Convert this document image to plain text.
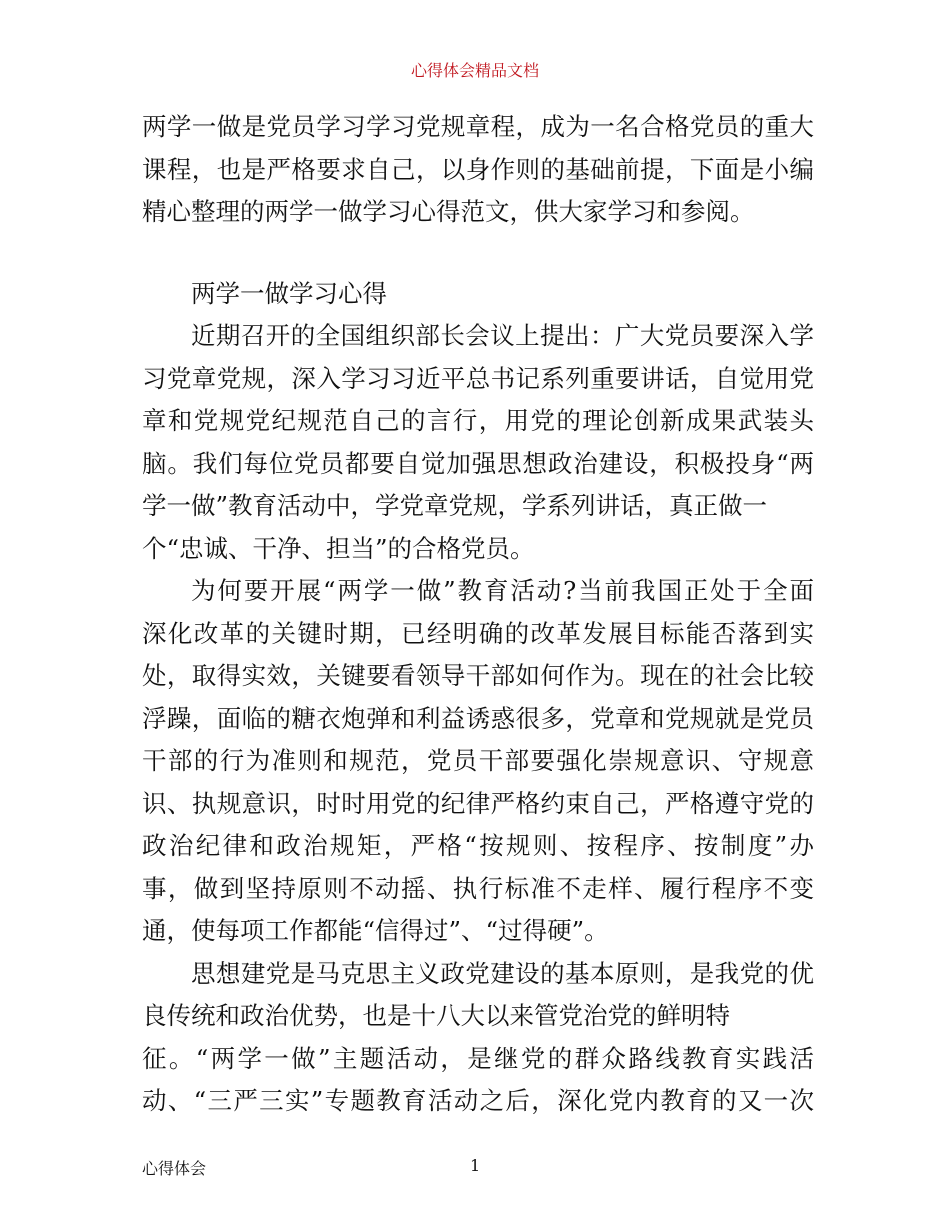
心得体会精品文档
两学一做是党员学习学习党规章程，成为一名合格党员的重大
课程，也是严格要求自己，以身作则的基础前提，下面是小编
精心整理的两学一做学习心得范文，供大家学习和参阅。
两学一做学习心得
近期召开的全国组织部长会议上提出：广大党员要深入学
习党章党规，深入学习习近平总书记系列重要讲话，自觉用党
章和党规党纪规范自己的言行，用党的理论创新成果武装头
脑。我们每位党员都要自觉加强思想政治建设，积极投身“两
学一做”教育活动中，学党章党规，学系列讲话，真正做一
个“忠诚、干净、担当”的合格党员。
为何要开展“两学一做”教育活动?当前我国正处于全面
深化改革的关键时期，已经明确的改革发展目标能否落到实
处，取得实效，关键要看领导干部如何作为。现在的社会比较
浮躁，面临的糖衣炮弹和利益诱惑很多，党章和党规就是党员
干部的行为准则和规范，党员干部要强化崇规意识、守规意
识、执规意识，时时用党的纪律严格约束自己，严格遵守党的
政治纪律和政治规矩，严格“按规则、按程序、按制度”办
事，做到坚持原则不动摇、执行标准不走样、履行程序不变
通，使每项工作都能“信得过”、“过得硬”。
思想建党是马克思主义政党建设的基本原则，是我党的优
良传统和政治优势，也是十八大以来管党治党的鲜明特
征。“两学一做”主题活动，是继党的群众路线教育实践活
动、“三严三实”专题教育活动之后，深化党内教育的又一次
心得体会	1
